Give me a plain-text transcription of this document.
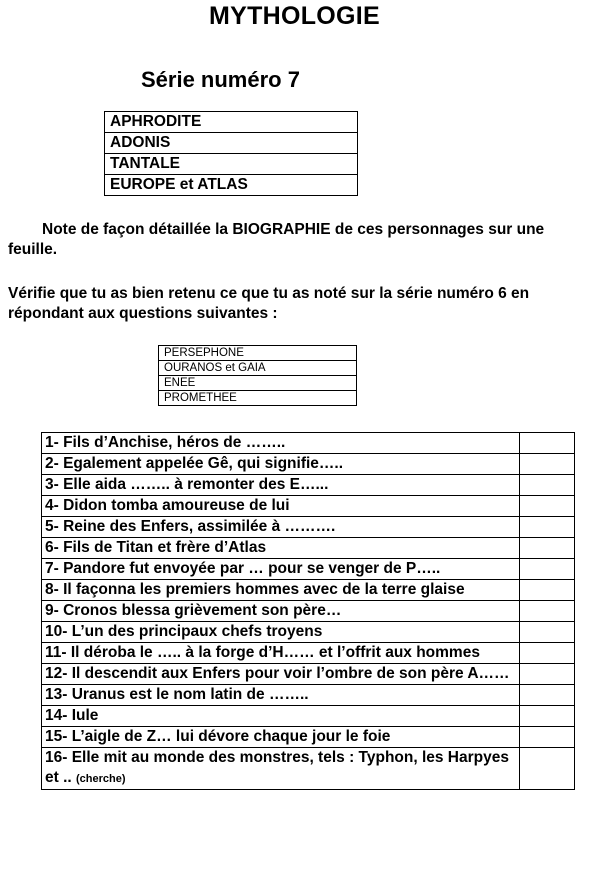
MYTHOLOGIE
Série numéro 7
APHRODITE
ADONIS
TANTALE
EUROPE et ATLAS
Note de façon détaillée la BIOGRAPHIE de ces personnages sur une feuille.
Vérifie que tu as bien retenu ce que tu as noté sur la série numéro 6 en répondant aux questions suivantes :
PERSEPHONE
OURANOS et GAIA
ENEE
PROMETHEE
1- Fils d’Anchise, héros de ……..	
2- Egalement appelée Gê, qui signifie…..	
3- Elle aida …….. à remonter des E…...	
4- Didon tomba amoureuse de lui	
5- Reine des Enfers, assimilée à ……….	
6- Fils de Titan et frère d’Atlas	
7- Pandore fut envoyée par … pour se venger de P…..	
8- Il façonna les premiers hommes avec de la terre glaise	
9- Cronos blessa grièvement son père…	
10- L’un des principaux chefs troyens	
11- Il déroba le ….. à la forge d’H…… et l’offrit aux hommes	
12- Il descendit aux Enfers pour voir l’ombre de son père A……	
13- Uranus est le nom latin de ……..	
14- Iule	
15- L’aigle de Z… lui dévore chaque jour le foie	
16- Elle mit au monde des monstres, tels : Typhon, les Harpyes et .. (cherche)	
